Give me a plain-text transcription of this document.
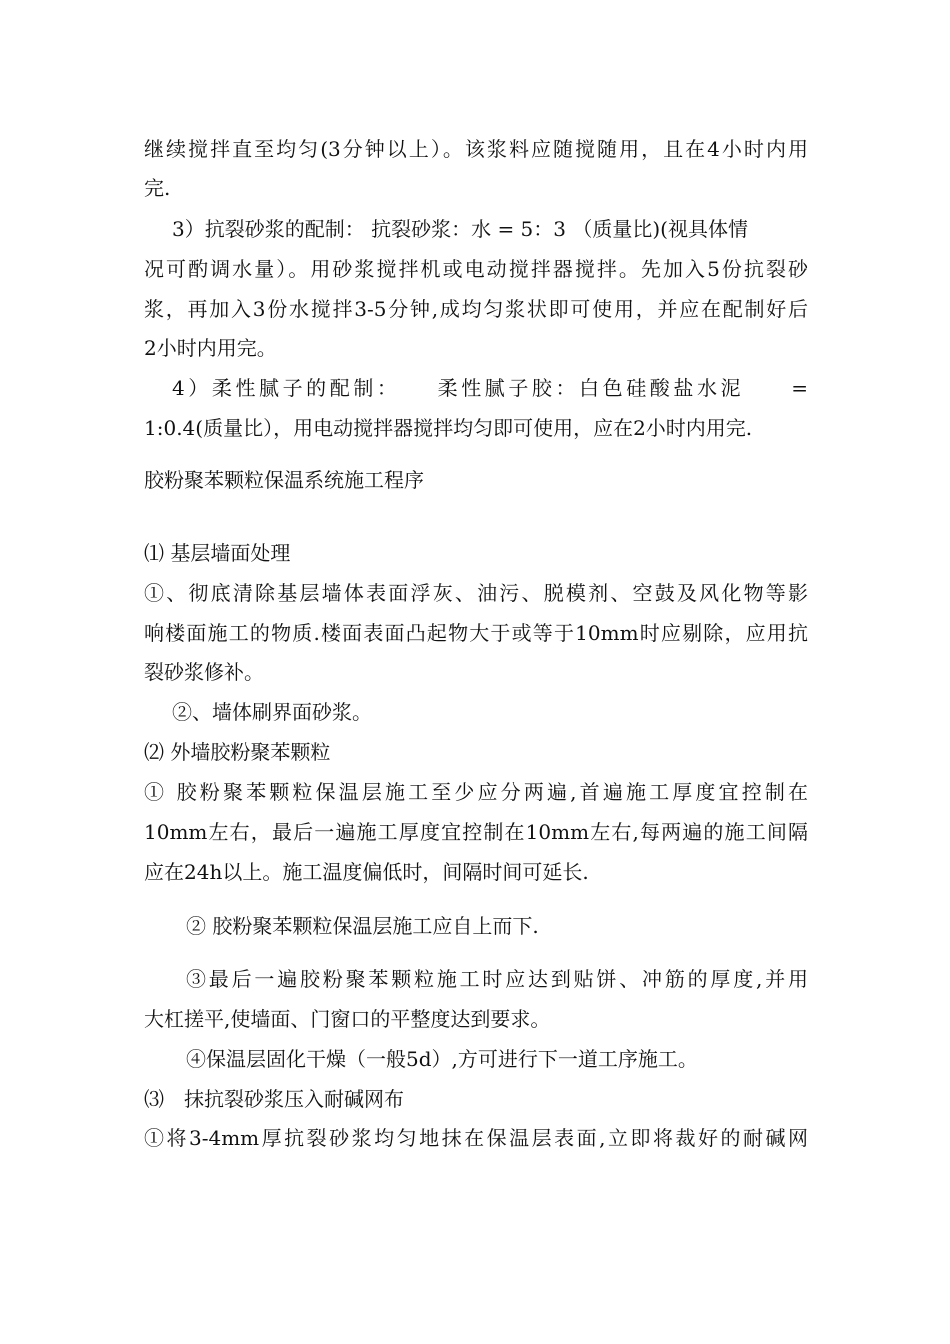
继续搅拌直至均匀(3分钟以上）。该浆料应随搅随用，且在4小时内用

完.

3）抗裂砂浆的配制： 抗裂砂浆：水 = 5：3 （质量比)(视具体情

况可酌调水量）。用砂浆搅拌机或电动搅拌器搅拌。先加入5份抗裂砂

浆，再加入3份水搅拌3-5分钟,成均匀浆状即可使用，并应在配制好后

2小时内用完。

4）柔性腻子的配制：　　柔性腻子胶：白色硅酸盐水泥　　=

1:0.4(质量比），用电动搅拌器搅拌均匀即可使用，应在2小时内用完.

胶粉聚苯颗粒保温系统施工程序

⑴ 基层墙面处理

①、彻底清除基层墙体表面浮灰、油污、脱模剂、空鼓及风化物等影

响楼面施工的物质.楼面表面凸起物大于或等于10mm时应剔除，应用抗

裂砂浆修补。

②、墙体刷界面砂浆。

⑵ 外墙胶粉聚苯颗粒

① 胶粉聚苯颗粒保温层施工至少应分两遍,首遍施工厚度宜控制在

10mm左右，最后一遍施工厚度宜控制在10mm左右,每两遍的施工间隔

应在24h以上。施工温度偏低时，间隔时间可延长.

② 胶粉聚苯颗粒保温层施工应自上而下.

③最后一遍胶粉聚苯颗粒施工时应达到贴饼、冲筋的厚度,并用

大杠搓平,使墙面、门窗口的平整度达到要求。

④保温层固化干燥（一般5d）,方可进行下一道工序施工。

⑶　抹抗裂砂浆压入耐碱网布

①将3-4mm厚抗裂砂浆均匀地抹在保温层表面,立即将裁好的耐碱网
